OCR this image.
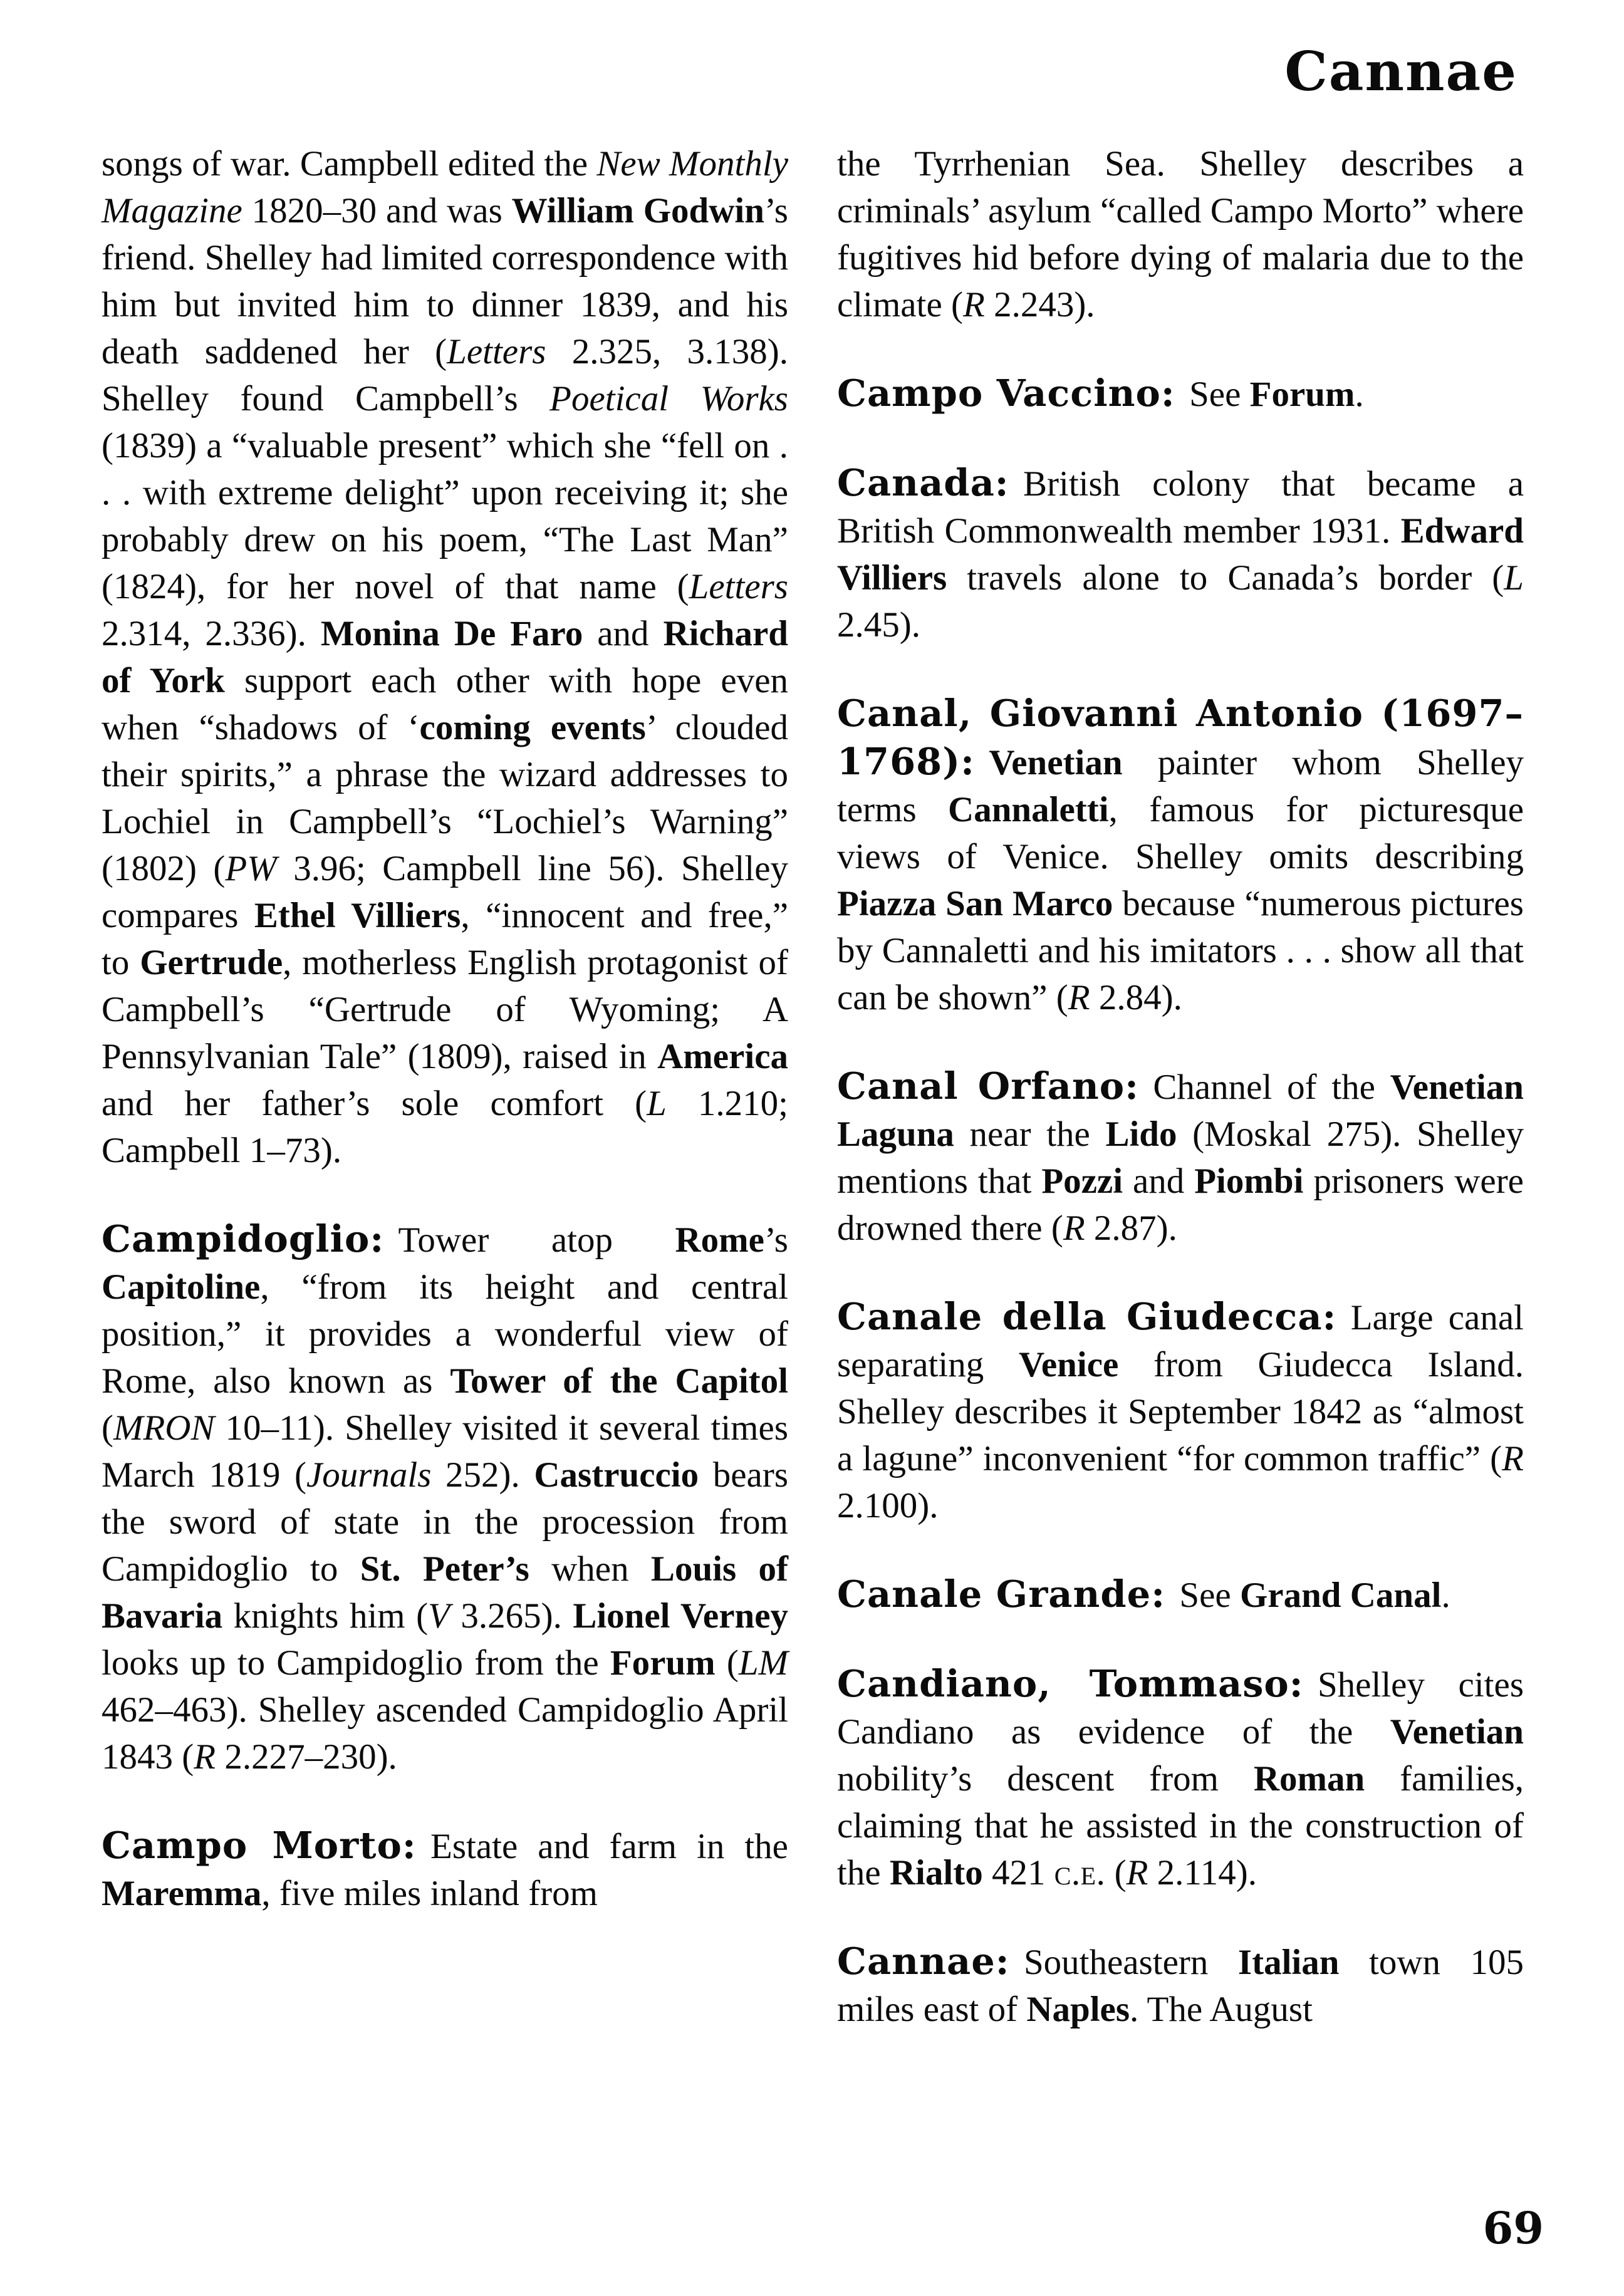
Cannae

songs of war. Campbell edited the New Monthly Magazine 1820–30 and was William Godwin’s friend. Shelley had limited correspondence with him but invited him to dinner 1839, and his death saddened her (Letters 2.325, 3.138). Shelley found Campbell’s Poetical Works (1839) a “valuable present” which she “fell on . . . with extreme delight” upon receiving it; she probably drew on his poem, “The Last Man” (1824), for her novel of that name (Letters 2.314, 2.336). Monina De Faro and Richard of York support each other with hope even when “shadows of ‘coming events’ clouded their spirits,” a phrase the wizard addresses to Lochiel in Campbell’s “Lochiel’s Warning” (1802) (PW 3.96; Campbell line 56). Shelley compares Ethel Villiers, “innocent and free,” to Gertrude, motherless English protagonist of Campbell’s “Gertrude of Wyoming; A Pennsylvanian Tale” (1809), raised in America and her father’s sole comfort (L 1.210; Campbell 1–73).

Campidoglio: Tower atop Rome’s Capitoline, “from its height and central position,” it provides a wonderful view of Rome, also known as Tower of the Capitol (MRON 10–11). Shelley visited it several times March 1819 (Journals 252). Castruccio bears the sword of state in the procession from Campidoglio to St. Peter’s when Louis of Bavaria knights him (V 3.265). Lionel Verney looks up to Campidoglio from the Forum (LM 462–463). Shelley ascended Campidoglio April 1843 (R 2.227–230).

Campo Morto: Estate and farm in the Maremma, five miles inland from

the Tyrrhenian Sea. Shelley describes a criminals’ asylum “called Campo Morto” where fugitives hid before dying of malaria due to the climate (R 2.243).

Campo Vaccino: See Forum.

Canada: British colony that became a British Commonwealth member 1931. Edward Villiers travels alone to Canada’s border (L 2.45).

Canal, Giovanni Antonio (1697–1768): Venetian painter whom Shelley terms Cannaletti, famous for picturesque views of Venice. Shelley omits describing Piazza San Marco because “numerous pictures by Cannaletti and his imitators . . . show all that can be shown” (R 2.84).

Canal Orfano: Channel of the Venetian Laguna near the Lido (Moskal 275). Shelley mentions that Pozzi and Piombi prisoners were drowned there (R 2.87).

Canale della Giudecca: Large canal separating Venice from Giudecca Island. Shelley describes it September 1842 as “almost a lagune” inconvenient “for common traffic” (R 2.100).

Canale Grande: See Grand Canal.

Candiano, Tommaso: Shelley cites Candiano as evidence of the Venetian nobility’s descent from Roman families, claiming that he assisted in the construction of the Rialto 421 c.e. (R 2.114).

Cannae: Southeastern Italian town 105 miles east of Naples. The August

69
